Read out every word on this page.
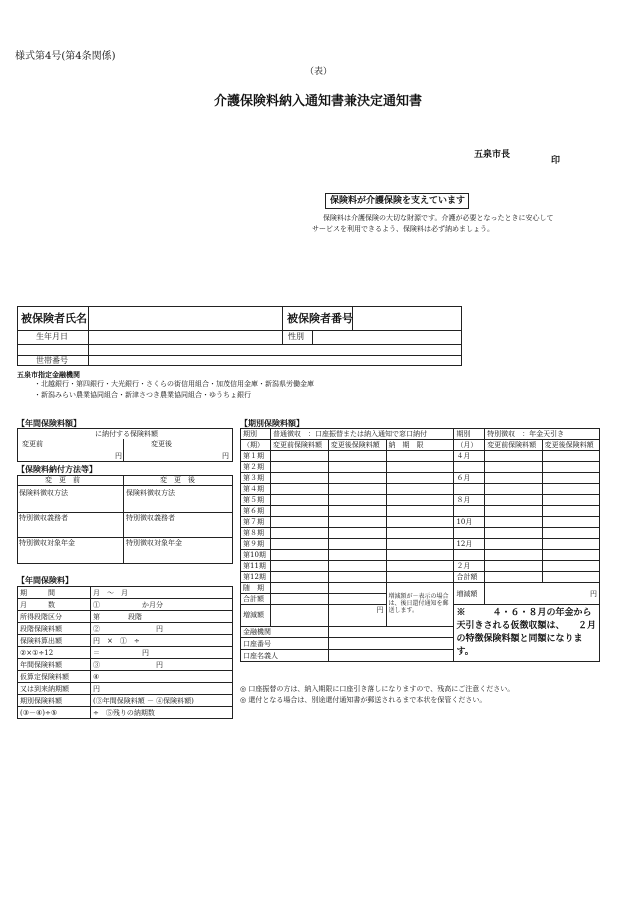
様式第4号(第4条関係)
（表）
介護保険料納入通知書兼決定通知書
五泉市長
印
保険料が介護保険を支えています
保険料は介護保険の大切な財源です。介護が必要となったときに安心して
サービスを利用できるよう、保険料は必ず納めましょう。
被保険者氏名	被保険者番号
生年月日	性別
世帯番号
五泉市指定金融機関
・北越銀行・第四銀行・大光銀行・さくらの街信用組合・加茂信用金庫・新潟県労働金庫
・新潟みらい農業協同組合・新津さつき農業協同組合・ゆうちょ銀行
【年間保険料額】
に納付する保険料額
変更前	変更後
円	円
【保険料納付方法等】
変　更　前	変　更　後
保険料徴収方法	保険料徴収方法
特別徴収義務者	特別徴収義務者
特別徴収対象年金	特別徴収対象年金
【年間保険料】
期　　　間	月　～　月
月　　　数	①　　　　　　か月分
所得段階区分	第　　　　段階
段階保険料額	②　　　　　　　　円
保険料算出額	円　×　①　÷
②×①÷12	＝　　　　　　円
年間保険料額	③　　　　　　　　円
仮算定保険料額	④
又は到来納期額	円
期別保険料額	(③年間保険料額 － ④保険料額)
(③－④)÷⑤	÷　⑤残りの納期数
【期別保険料額】
期別	普通徴収　：口座振替または納入通知で窓口納付			期別	特別徴収　：年金天引き	
（期）	変更前保険料額	変更後保険料額	納　期　限	（月）	変更前保険料額	変更後保険料額
第１期				４月		
第２期						
第３期				６月		
第４期						
第５期				８月		
第６期						
第７期				10月		
第８期						
第９期				12月		
第10期						
第11期				２月		
第12期				合計額		
随　期			増減額が－表示の場合は、後日還付通知を郵送します。	増減額	円	
合計額						
増減額		円		※　　　４・６・８月の年金から天引きされる仮徴収額は、　　２月の特徴保険料額と同額になります。		
金融機関						
口座番号						
口座名義人						
◎ 口座振替の方は、納入期限に口座引き落しになりますので、残高にご注意ください。
◎ 還付となる場合は、別途還付通知書が郵送されるまで本状を保管ください。
